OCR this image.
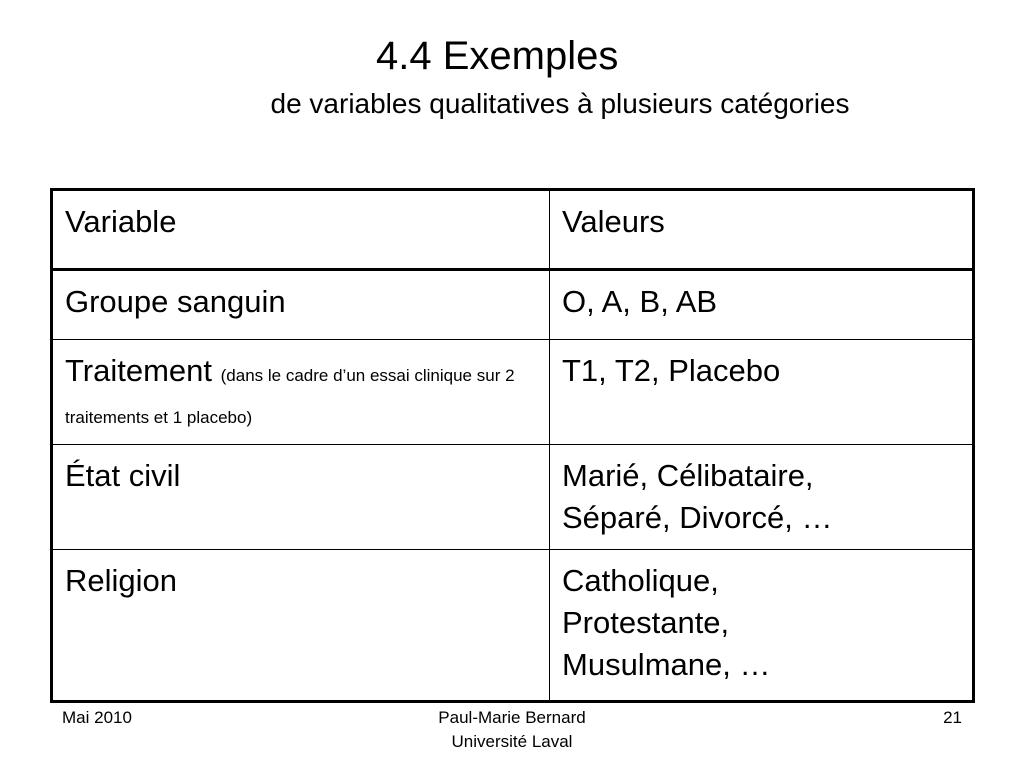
4.4 Exemples
de variables qualitatives à plusieurs catégories
Variable	Valeurs
Groupe sanguin	O, A, B, AB

Traitement (dans le cadre d’un essai clinique sur 2 traitements et 1 placebo)	T1, T2, Placebo

État civil	Marié, Célibataire,
Séparé, Divorcé, …

Religion	Catholique,
Protestante,
Musulmane, …
Mai 2010	Paul-Marie Bernard
Université Laval
21
